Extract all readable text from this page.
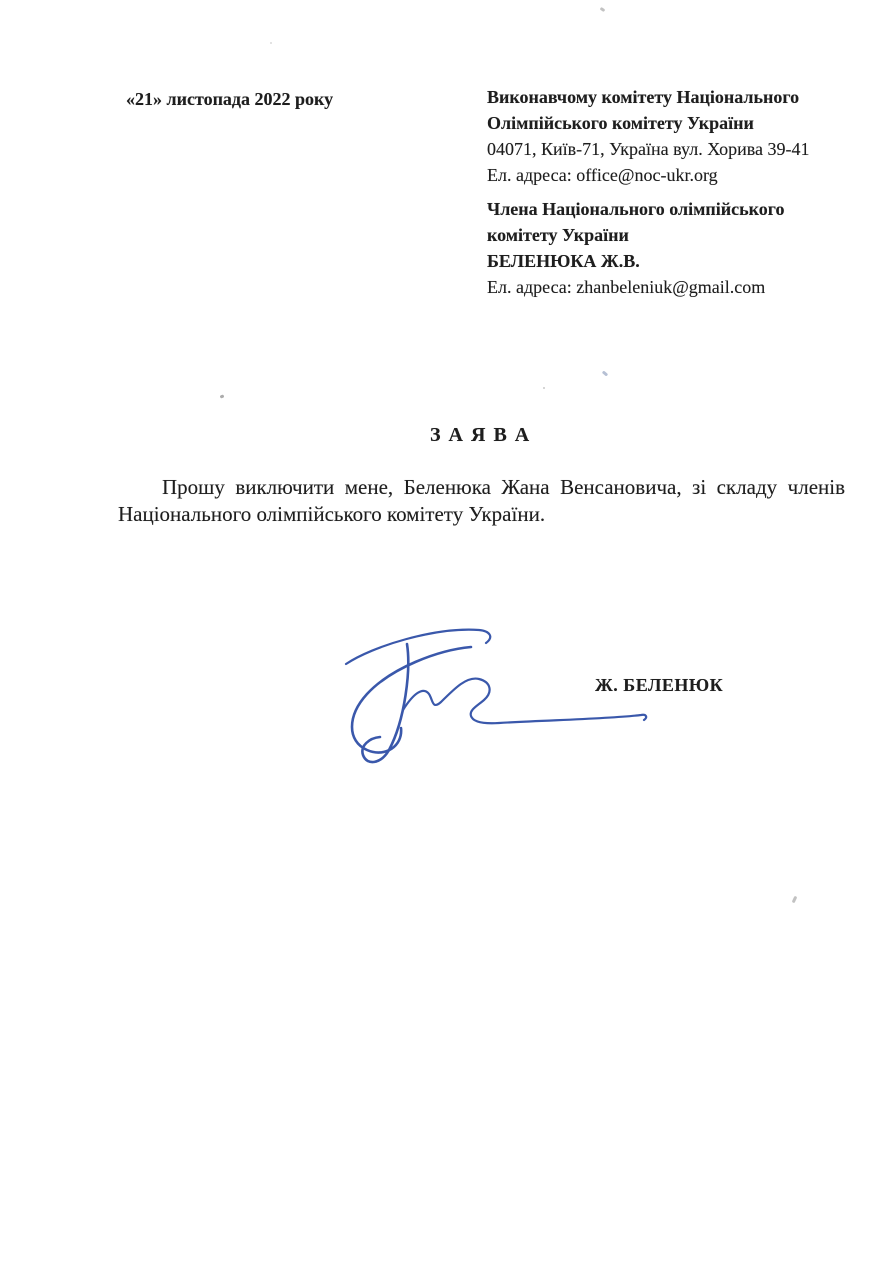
«21» листопада 2022 року	Виконавчому комітету Національного
Олімпійського комітету України
04071, Київ-71, Україна вул. Хорива 39-41
Ел. адреса: office@noc-ukr.org
Члена Національного олімпійського
комітету України
БЕЛЕНЮКА Ж.В.
Ел. адреса: zhanbeleniuk@gmail.com
З А Я В А
Прошу виключити мене, Беленюка Жана Венсановича, зі складу членів
Національного олімпійського комітету України.
Ж. БЕЛЕНЮК
